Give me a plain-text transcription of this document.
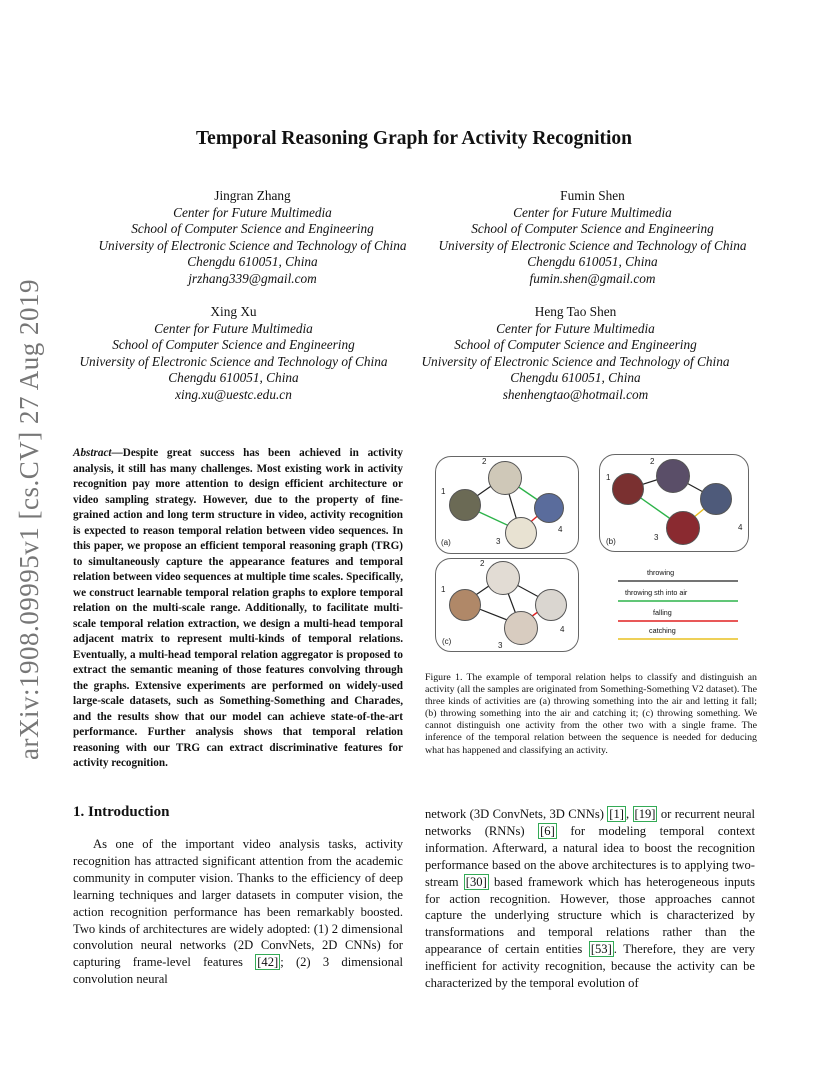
arXiv:1908.09995v1 [cs.CV] 27 Aug 2019
Temporal Reasoning Graph for Activity Recognition
Jingran Zhang
Center for Future Multimedia
School of Computer Science and Engineering
University of Electronic Science and Technology of China
Chengdu 610051, China
jrzhang339@gmail.com
Fumin Shen
Center for Future Multimedia
School of Computer Science and Engineering
University of Electronic Science and Technology of China
Chengdu 610051, China
fumin.shen@gmail.com
Xing Xu
Center for Future Multimedia
School of Computer Science and Engineering
University of Electronic Science and Technology of China
Chengdu 610051, China
xing.xu@uestc.edu.cn
Heng Tao Shen
Center for Future Multimedia
School of Computer Science and Engineering
University of Electronic Science and Technology of China
Chengdu 610051, China
shenhengtao@hotmail.com
Abstract—Despite great success has been achieved in activity analysis, it still has many challenges. Most existing work in activity recognition pay more attention to design efficient architecture or video sampling strategy. However, due to the property of fine-grained action and long term structure in video, activity recognition is expected to reason temporal relation between video sequences. In this paper, we propose an efficient temporal reasoning graph (TRG) to simultaneously capture the appearance features and temporal relation between video sequences at multiple time scales. Specifically, we construct learnable temporal relation graphs to explore temporal relation on the multi-scale range. Additionally, to facilitate multi-scale temporal relation extraction, we design a multi-head temporal adjacent matrix to represent multi-kinds of temporal relations. Eventually, a multi-head temporal relation aggregator is proposed to extract the semantic meaning of those features convolving through the graphs. Extensive experiments are performed on widely-used large-scale datasets, such as Something-Something and Charades, and the results show that our model can achieve state-of-the-art performance. Further analysis shows that temporal relation reasoning with our TRG can extract discriminative features for activity recognition.
1
2
3
4
(a)
1
2
3
4
(b)
1
2
3
4
(c)
throwing
throwing sth into air
falling
catching
Figure 1. The example of temporal relation helps to classify and distinguish an activity (all the samples are originated from Something-Something V2 dataset). The three kinds of activities are (a) throwing something into the air and letting it fall; (b) throwing something into the air and catching it; (c) throwing something. We cannot distinguish one activity from the other two with a single frame. The inference of the temporal relation between the sequence is needed for deducing what has happened and classifying an activity.
1. Introduction
As one of the important video analysis tasks, activity recognition has attracted significant attention from the academic community in computer vision. Thanks to the efficiency of deep learning techniques and larger datasets in computer vision, the action recognition performance has been remarkably boosted. Two kinds of architectures are widely adopted: (1) 2 dimensional convolution neural networks (2D ConvNets, 2D CNNs) for capturing frame-level features [42] ; (2) 3 dimensional convolution neural
network (3D ConvNets, 3D CNNs) [1] , [19] or recurrent neural networks (RNNs) [6] for modeling temporal context information. Afterward, a natural idea to boost the recognition performance based on the above architectures is to applying two-stream [30] based framework which has heterogeneous inputs for action recognition. However, those approaches cannot capture the underlying structure which is characterized by transformations and temporal relations rather than the appearance of certain entities [53] . Therefore, they are very inefficient for activity recognition, because the activity can be characterized by the temporal evolution of
